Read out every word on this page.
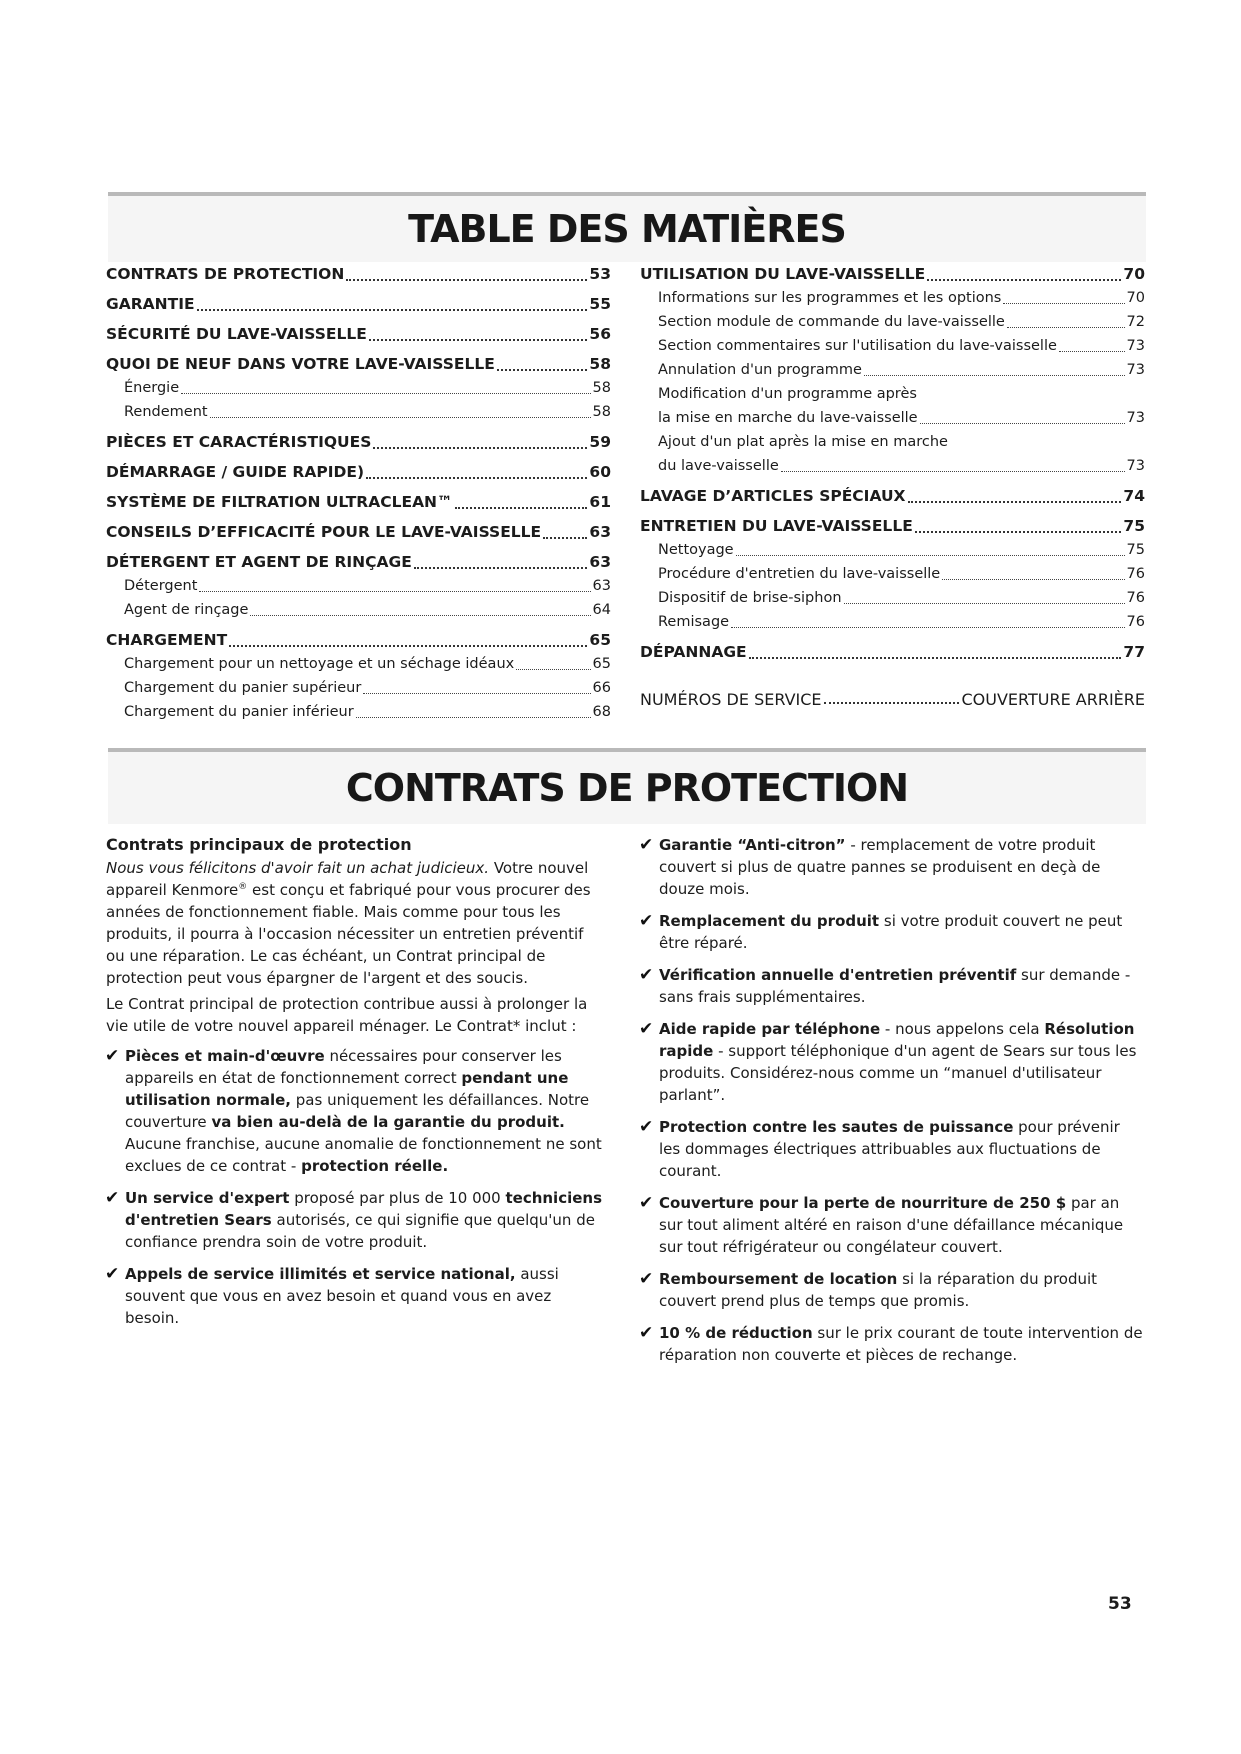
TABLE DES MATIÈRES
CONTRATS DE PROTECTION	53
GARANTIE	55
SÉCURITÉ DU LAVE-VAISSELLE	56
QUOI DE NEUF DANS VOTRE LAVE-VAISSELLE	58
Énergie	58
Rendement	58
PIÈCES ET CARACTÉRISTIQUES	59
DÉMARRAGE / GUIDE RAPIDE)	60
SYSTÈME DE FILTRATION ULTRACLEAN™	61
CONSEILS D’EFFICACITÉ POUR LE LAVE-VAISSELLE	63
DÉTERGENT ET AGENT DE RINÇAGE	63
Détergent	63
Agent de rinçage	64
CHARGEMENT	65
Chargement pour un nettoyage et un séchage idéaux	65
Chargement du panier supérieur	66
Chargement du panier inférieur	68
UTILISATION DU LAVE-VAISSELLE	70
Informations sur les programmes et les options	70
Section module de commande du lave-vaisselle	72
Section commentaires sur l'utilisation du lave-vaisselle	73
Annulation d'un programme	73
Modification d'un programme après
la mise en marche du lave-vaisselle	73
Ajout d'un plat après la mise en marche
du lave-vaisselle	73
LAVAGE D’ARTICLES SPÉCIAUX	74
ENTRETIEN DU LAVE-VAISSELLE	75
Nettoyage	75
Procédure d'entretien du lave-vaisselle	76
Dispositif de brise-siphon	76
Remisage	76
DÉPANNAGE	77
NUMÉROS DE SERVICE	COUVERTURE ARRIÈRE
CONTRATS DE PROTECTION
Contrats principaux de protection

Nous vous félicitons d'avoir fait un achat judicieux. Votre nouvel appareil Kenmore® est conçu et fabriqué pour vous procurer des années de fonctionnement fiable. Mais comme pour tous les produits, il pourra à l'occasion nécessiter un entretien préventif ou une réparation. Le cas échéant, un Contrat principal de protection peut vous épargner de l'argent et des soucis.

Le Contrat principal de protection contribue aussi à prolonger la vie utile de votre nouvel appareil ménager. Le Contrat* inclut :

✔ Pièces et main-d'œuvre nécessaires pour conserver les appareils en état de fonctionnement correct pendant une utilisation normale, pas uniquement les défaillances. Notre couverture va bien au-delà de la garantie du produit. Aucune franchise, aucune anomalie de fonctionnement ne sont exclues de ce contrat - protection réelle.
✔ Un service d'expert proposé par plus de 10 000 techniciens d'entretien Sears autorisés, ce qui signifie que quelqu'un de confiance prendra soin de votre produit.
✔ Appels de service illimités et service national, aussi souvent que vous en avez besoin et quand vous en avez besoin.
✔ Garantie “Anti-citron” - remplacement de votre produit couvert si plus de quatre pannes se produisent en deçà de douze mois.
✔ Remplacement du produit si votre produit couvert ne peut être réparé.
✔ Vérification annuelle d'entretien préventif sur demande - sans frais supplémentaires.
✔ Aide rapide par téléphone - nous appelons cela Résolution rapide - support téléphonique d'un agent de Sears sur tous les produits. Considérez-nous comme un “manuel d'utilisateur parlant”.
✔ Protection contre les sautes de puissance pour prévenir les dommages électriques attribuables aux fluctuations de courant.
✔ Couverture pour la perte de nourriture de 250 $ par an sur tout aliment altéré en raison d'une défaillance mécanique sur tout réfrigérateur ou congélateur couvert.
✔ Remboursement de location si la réparation du produit couvert prend plus de temps que promis.
✔ 10 % de réduction sur le prix courant de toute intervention de réparation non couverte et pièces de rechange.
53
